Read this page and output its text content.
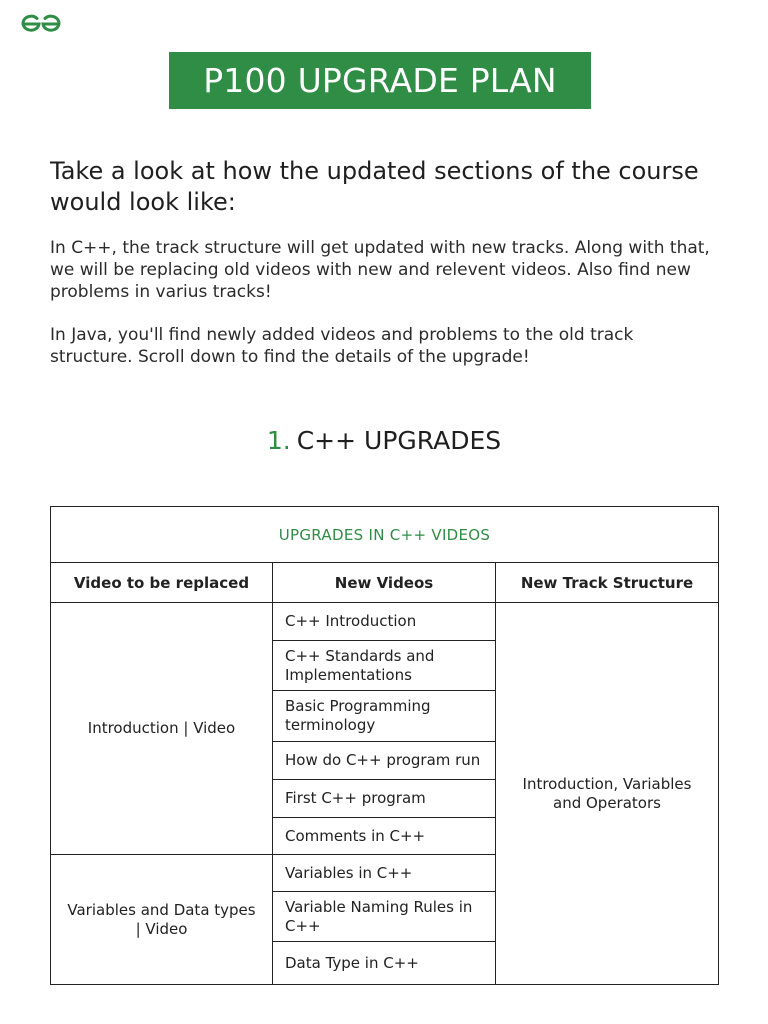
P100 UPGRADE PLAN
Take a look at how the updated sections of the course would look like:
In C++, the track structure will get updated with new tracks. Along with that, we will be replacing old videos with new and relevent videos. Also find new problems in varius tracks!
In Java, you'll find newly added videos and problems to the old track structure. Scroll down to find the details of the upgrade!
1. C++ UPGRADES
UPGRADES IN C++ VIDEOS		
Video to be replaced	New Videos	New Track Structure
Introduction | Video	C++ Introduction	Introduction, Variables and Operators
	C++ Standards and Implementations	
	Basic Programming terminology	
	How do C++ program run	
	First C++ program	
	Comments in C++	
Variables and Data types | Video	Variables in C++	
	Variable Naming Rules in C++	
	Data Type in C++	
